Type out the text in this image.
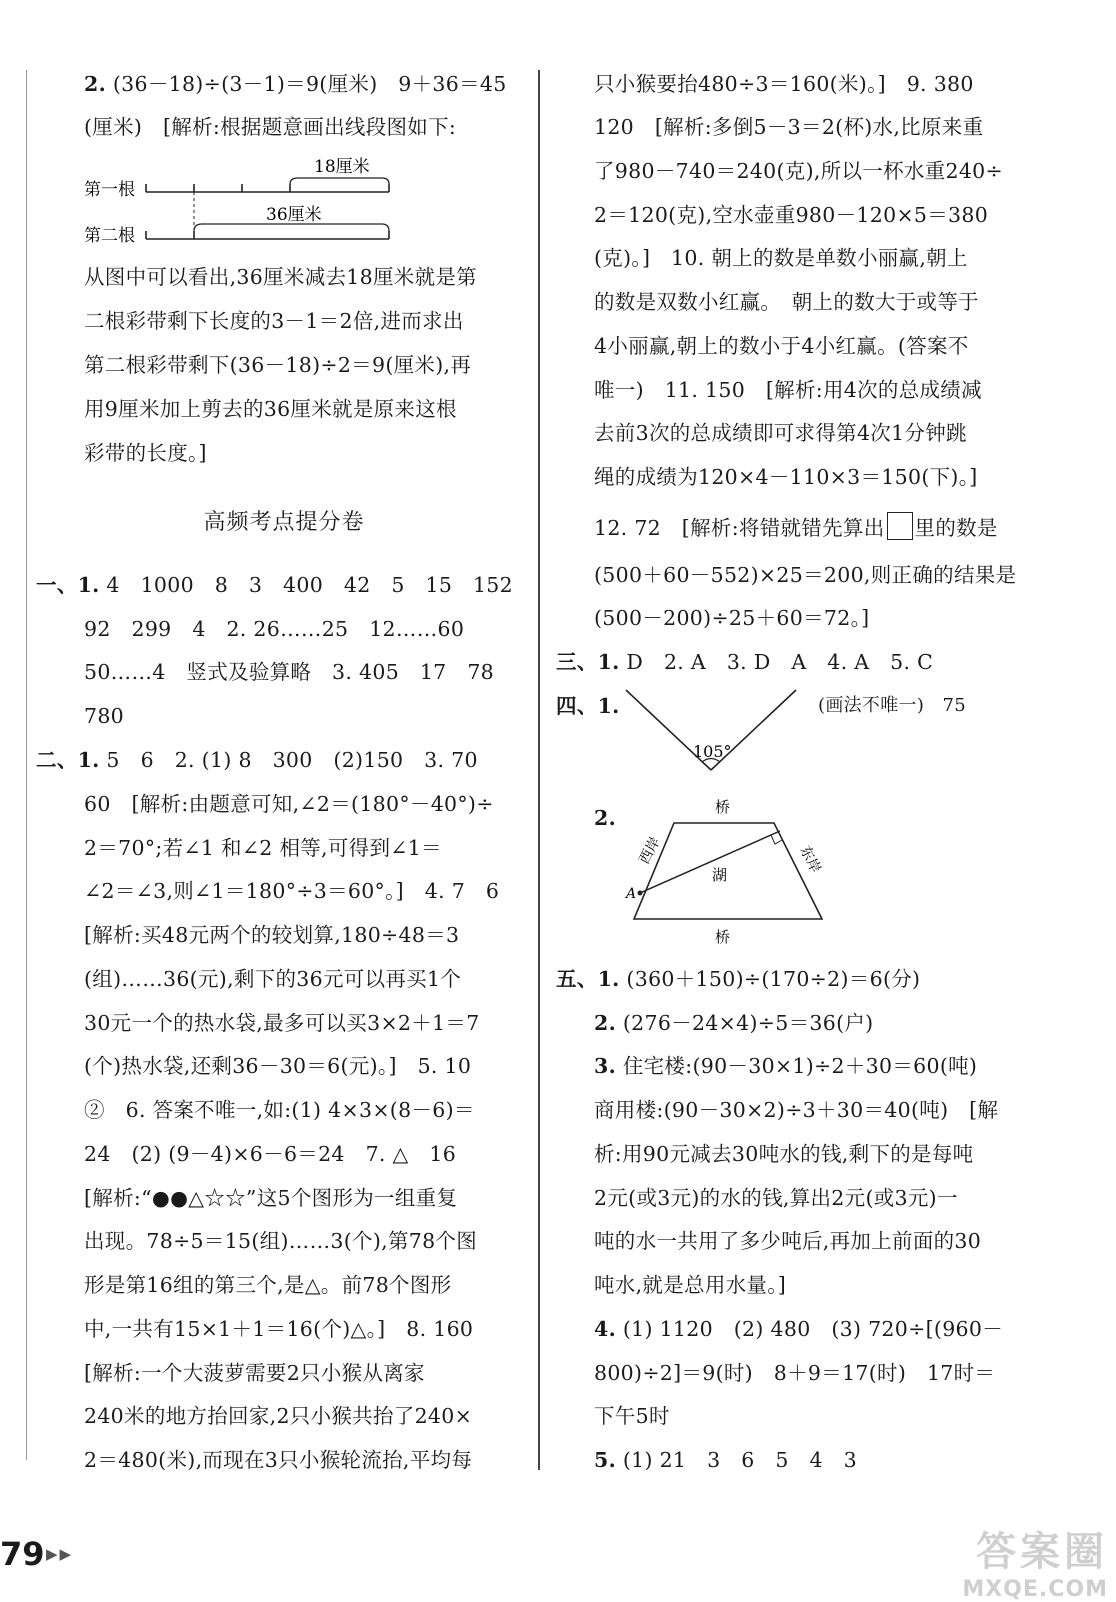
2. (36－18)÷(3－1)＝9(厘米)　9＋36＝45
(厘米)　[解析:根据题意画出线段图如下:
第一根
第二根
18厘米
36厘米
从图中可以看出,36厘米减去18厘米就是第
二根彩带剩下长度的3－1＝2倍,进而求出
第二根彩带剩下(36－18)÷2＝9(厘米),再
用9厘米加上剪去的36厘米就是原来这根
彩带的长度。]
高频考点提分卷
一、1. 4　1000　8　3　400　42　5　15　152
92　299　4　2. 26……25　12……60
50……4　竖式及验算略　3. 405　17　78
780
二、1. 5　6　2. (1) 8　300　(2)150　3. 70
60　[解析:由题意可知,∠2＝(180°－40°)÷
2＝70°;若∠1 和∠2 相等,可得到∠1＝
∠2＝∠3,则∠1＝180°÷3＝60°。]　4. 7　6
[解析:买48元两个的较划算,180÷48＝3
(组)……36(元),剩下的36元可以再买1个
30元一个的热水袋,最多可以买3×2＋1＝7
(个)热水袋,还剩36－30＝6(元)。]　5. 10
②　6. 答案不唯一,如:(1) 4×3×(8－6)＝
24　(2) (9－4)×6－6＝24　7. △　16
[解析:“●●△☆☆”这5个图形为一组重复
出现。78÷5＝15(组)……3(个),第78个图
形是第16组的第三个,是△。前78个图形
中,一共有15×1＋1＝16(个)△。]　8. 160
[解析:一个大菠萝需要2只小猴从离家
240米的地方抬回家,2只小猴共抬了240×
2＝480(米),而现在3只小猴轮流抬,平均每
只小猴要抬480÷3＝160(米)。]　9. 380
120　[解析:多倒5－3＝2(杯)水,比原来重
了980－740＝240(克),所以一杯水重240÷
2＝120(克),空水壶重980－120×5＝380
(克)。]　10. 朝上的数是单数小丽赢,朝上
的数是双数小红赢。　朝上的数大于或等于
4小丽赢,朝上的数小于4小红赢。(答案不
唯一)　11. 150　[解析:用4次的总成绩减
去前3次的总成绩即可求得第4次1分钟跳
绳的成绩为120×4－110×3＝150(下)。]
12. 72　[解析:将错就错先算出 里的数是
(500＋60－552)×25＝200,则正确的结果是
(500－200)÷25＋60＝72。]
三、1. D　2. A　3. D　A　4. A　5. C
四、1.
105°
(画法不唯一)　75
2.	桥
西岸	东岸
湖
A
桥
五、1. (360＋150)÷(170÷2)＝6(分)
2. (276－24×4)÷5＝36(户)
3. 住宅楼:(90－30×1)÷2＋30＝60(吨)
商用楼:(90－30×2)÷3＋30＝40(吨)　[解
析:用90元减去30吨水的钱,剩下的是每吨
2元(或3元)的水的钱,算出2元(或3元)一
吨的水一共用了多少吨后,再加上前面的30
吨水,就是总用水量。]
4. (1) 1120　(2) 480　(3) 720÷[(960－
800)÷2]＝9(时)　8＋9＝17(时)　17时＝
下午5时
5. (1) 21　3　6　5　4　3
79 ▶▶	答案圈
MXQE.COM
